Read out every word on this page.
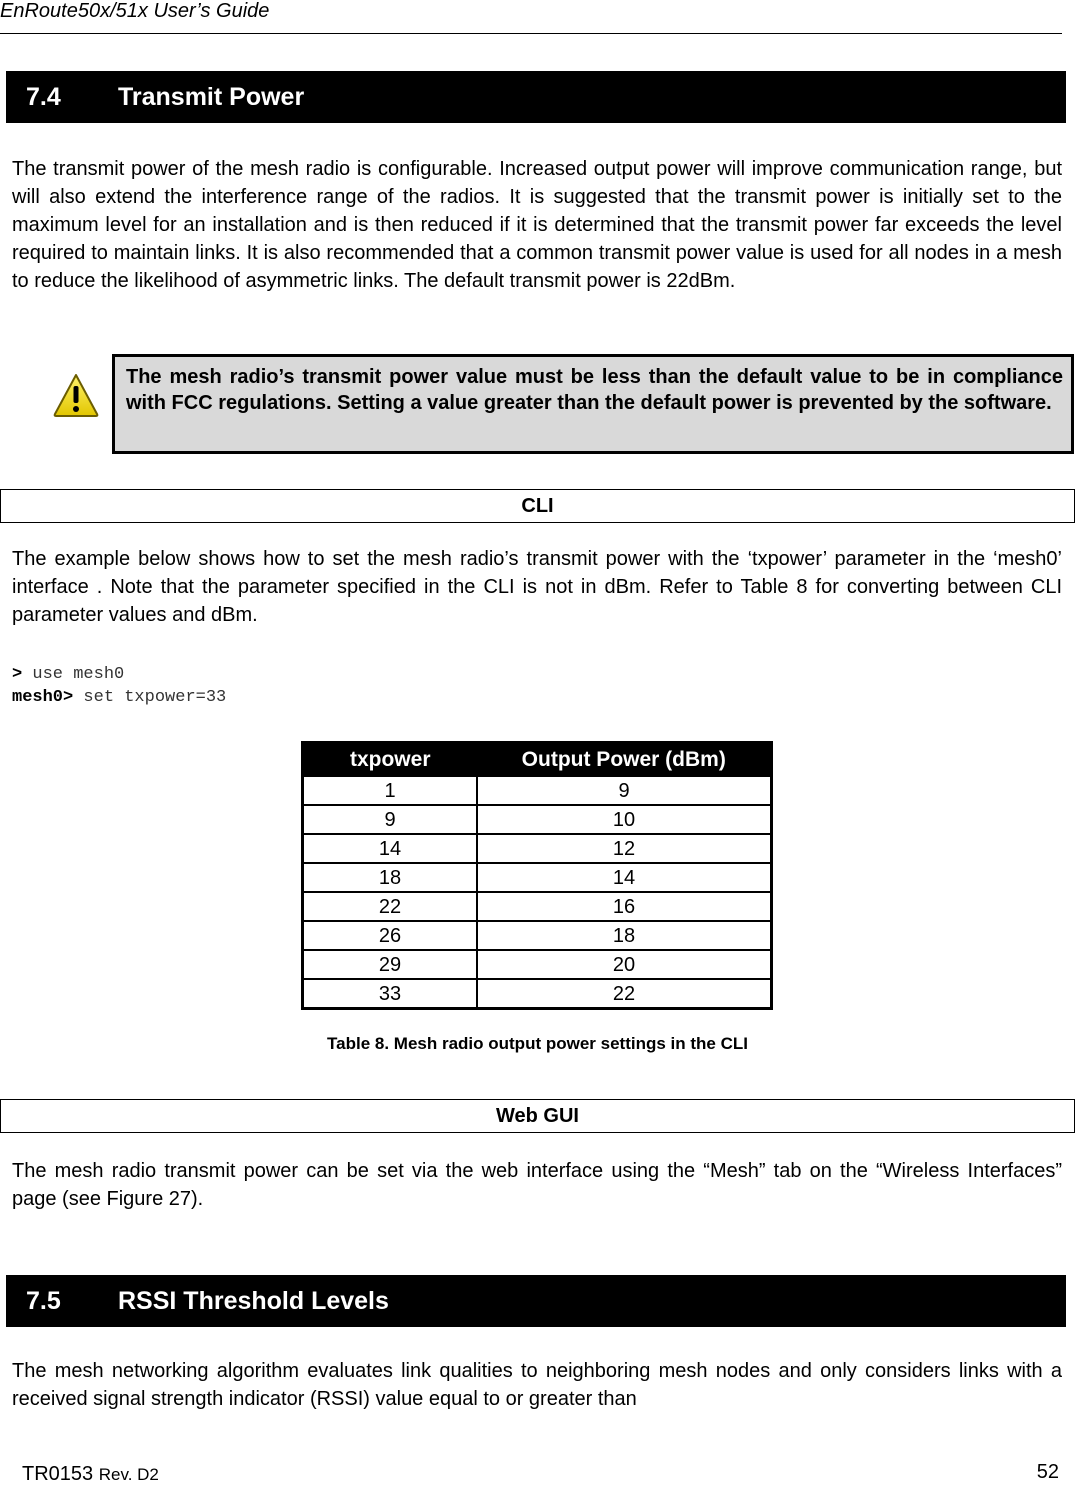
EnRoute50x/51x User’s Guide
7.4	Transmit Power
The transmit power of the mesh radio is configurable. Increased output power will improve communication range, but will also extend the interference range of the radios. It is suggested that the transmit power is initially set to the maximum level for an installation and is then reduced if it is determined that the transmit power far exceeds the level required to maintain links. It is also recommended that a common transmit power value is used for all nodes in a mesh to reduce the likelihood of asymmetric links. The default transmit power is 22dBm.

The mesh radio’s transmit power value must be less than the default value to be in compliance with FCC regulations. Setting a value greater than the default power is prevented by the software.

CLI
The example below shows how to set the mesh radio’s transmit power with the ‘txpower’ parameter in the ‘mesh0’ interface . Note that the parameter specified in the CLI is not in dBm. Refer to Table 8 for converting between CLI parameter values and dBm.
> use mesh0
mesh0> set txpower=33
txpower	Output Power (dBm)
1	9
9	10
14	12
18	14
22	16
26	18
29	20
33	22
Table 8. Mesh radio output power settings in the CLI
Web GUI
The mesh radio transmit power can be set via the web interface using the “Mesh” tab on the “Wireless Interfaces” page (see Figure 27).
7.5	RSSI Threshold Levels
The mesh networking algorithm evaluates link qualities to neighboring mesh nodes and only considers links with a received signal strength indicator (RSSI) value equal to or greater than
TR0153 Rev. D2	52
